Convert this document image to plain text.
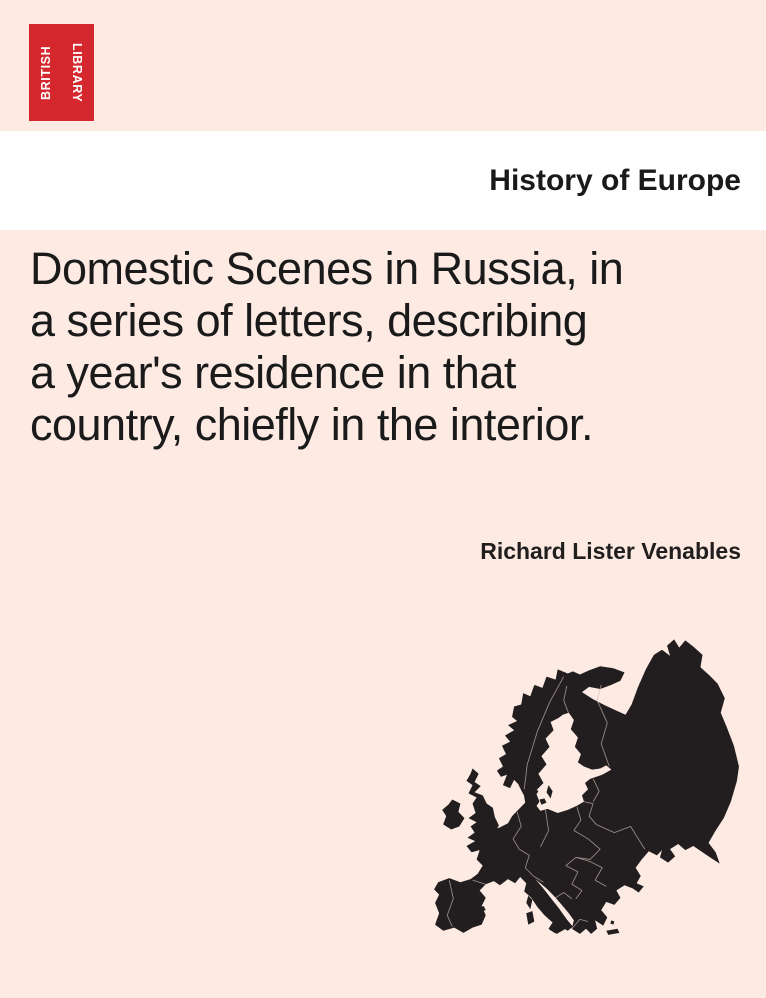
BRITISH	LIBRARY
History of Europe
Domestic Scenes in Russia, in
a series of letters, describing
a year's residence in that
country, chiefly in the interior.
Richard Lister Venables
